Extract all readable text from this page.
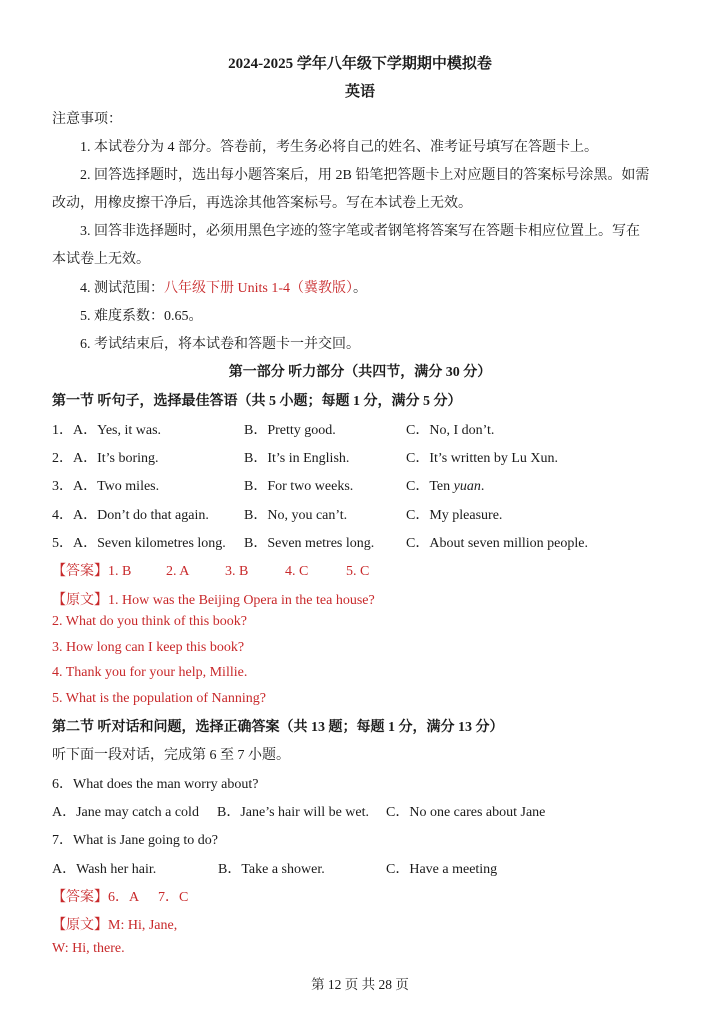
2024-2025 学年八年级下学期期中模拟卷
英语
注意事项：
1. 本试卷分为 4 部分。答卷前，考生务必将自己的姓名、准考证号填写在答题卡上。
2. 回答选择题时，选出每小题答案后，用 2B 铅笔把答题卡上对应题目的答案标号涂黑。如需
改动，用橡皮擦干净后，再选涂其他答案标号。写在本试卷上无效。
3. 回答非选择题时，必须用黑色字迹的签字笔或者钢笔将答案写在答题卡相应位置上。写在
本试卷上无效。
4. 测试范围：八年级下册 Units 1-4（冀教版）。
5. 难度系数：0.65。
6. 考试结束后，将本试卷和答题卡一并交回。
第一部分 听力部分（共四节，满分 30 分）
第一节 听句子，选择最佳答语（共 5 小题；每题 1 分，满分 5 分）
1．A．Yes, it was.	B．Pretty good.	C．No, I don’t.
2．A．It’s boring.	B．It’s in English.	C．It’s written by Lu Xun.
3．A．Two miles.	B．For two weeks.	C．Ten yuan.
4．A．Don’t do that again.	B．No, you can’t.	C．My pleasure.
5．A．Seven kilometres long. B．Seven metres long. C．About seven million people.
【答案】1. B 2. A	3. B	4. C	5. C
【原文】1. How was the Beijing Opera in the tea house?
2. What do you think of this book?
3. How long can I keep this book?
4. Thank you for your help, Millie.
5. What is the population of Nanning?
第二节 听对话和问题，选择正确答案（共 13 题；每题 1 分，满分 13 分）
听下面一段对话，完成第 6 至 7 小题。
6．What does the man worry about?
A．Jane may catch a cold B．Jane’s hair will be wet. C．No one cares about Jane
7．What is Jane going to do?
A．Wash her hair.	B．Take a shower.	C．Have a meeting
【答案】6．A 7．C
【原文】M: Hi, Jane,
W: Hi, there.
第 12 页 共 28 页
